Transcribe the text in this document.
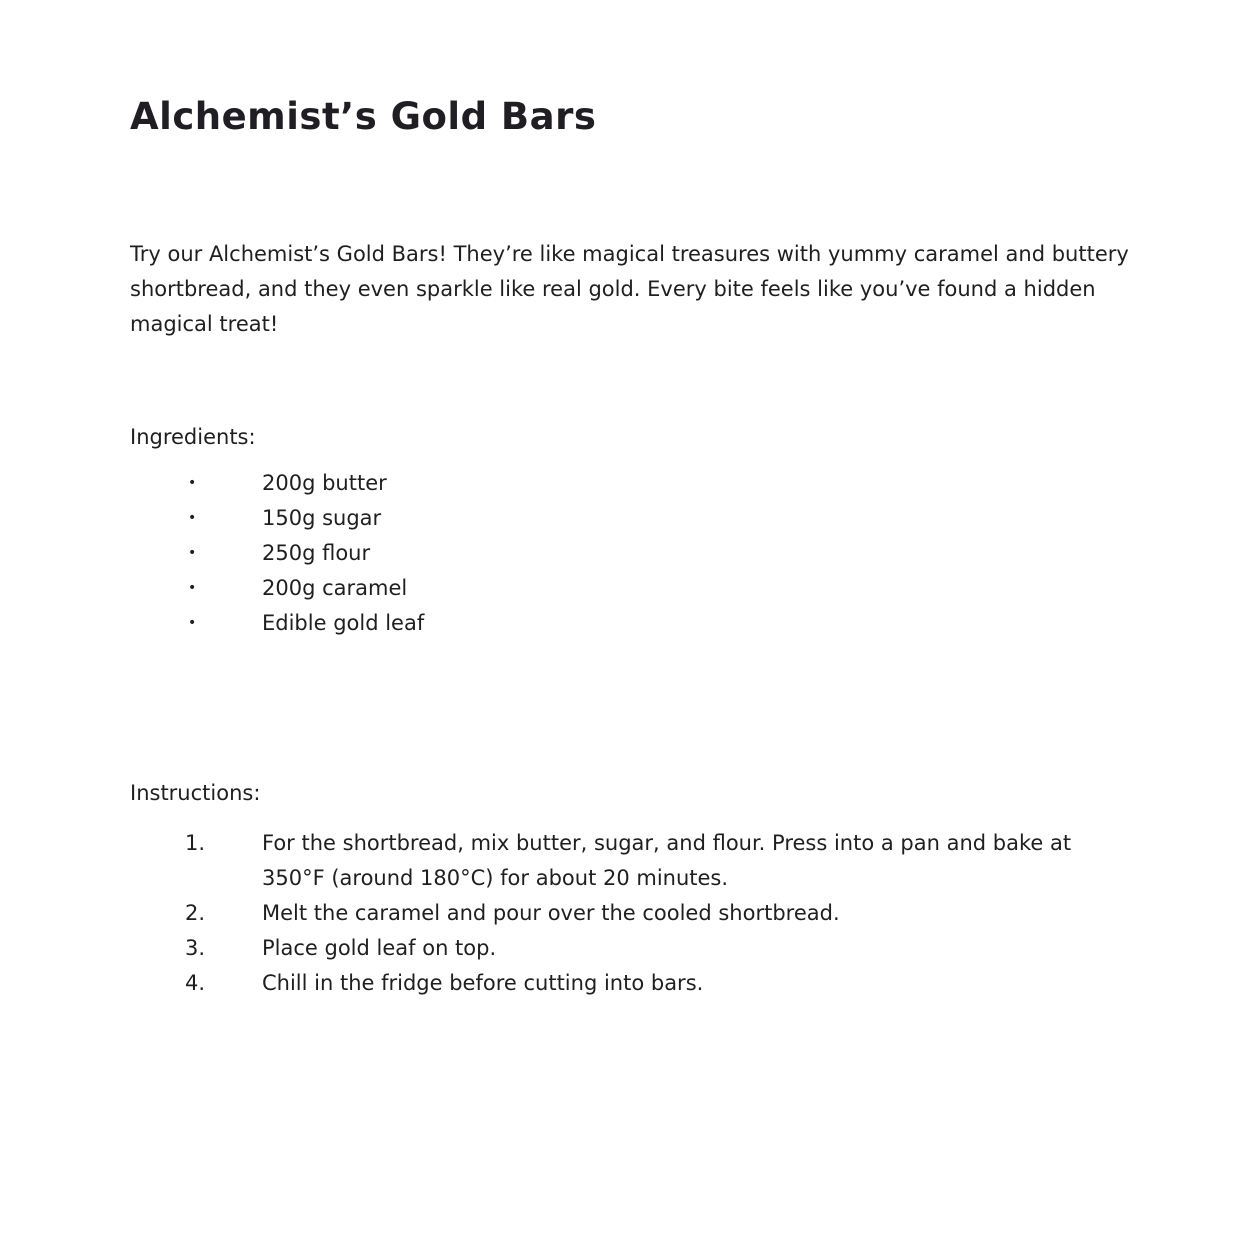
Alchemist’s Gold Bars

Try our Alchemist’s Gold Bars! They’re like magical treasures with yummy caramel and buttery shortbread, and they even sparkle like real gold. Every bite feels like you’ve found a hidden magical treat!

Ingredients:
•	200g butter
•	150g sugar
•	250g flour
•	200g caramel
•	Edible gold leaf
Instructions:
1.	For the shortbread, mix butter, sugar, and flour. Press into a pan and bake at 350°F (around 180°C) for about 20 minutes.
2.	Melt the caramel and pour over the cooled shortbread.
3.	Place gold leaf on top.
4.	Chill in the fridge before cutting into bars.
